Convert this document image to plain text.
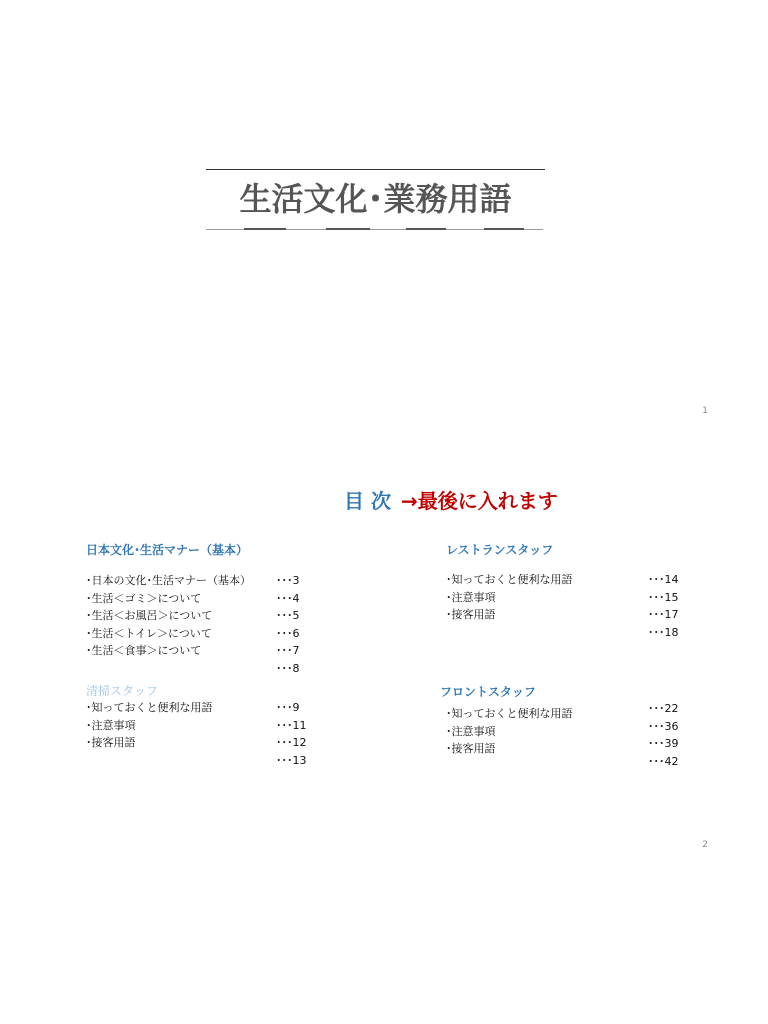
生活文化･業務用語
1
目 次 →最後に入れます
日本文化･生活マナー（基本）
･日本の文化･生活マナー（基本）
･生活＜ゴミ＞について
･生活＜お風呂＞について
･生活＜トイレ＞について
･生活＜食事＞について
･･･3
･･･4
･･･5
･･･6
･･･7
･･･8
清掃スタッフ
･知っておくと便利な用語
･注意事項
･接客用語
･･･9
･･･11
･･･12
･･･13
レストランスタッフ
･知っておくと便利な用語
･注意事項
･接客用語
･･･14
･･･15
･･･17
･･･18
フロントスタッフ
･知っておくと便利な用語
･注意事項
･接客用語
･･･22
･･･36
･･･39
･･･42
2
